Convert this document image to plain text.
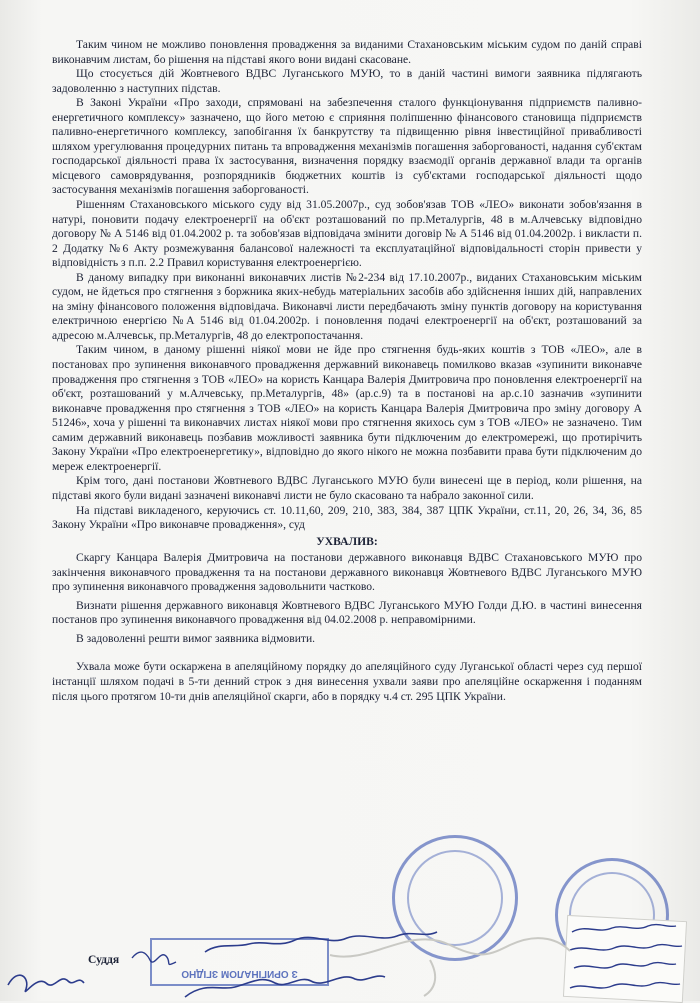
Таким чином не можливо поновлення провадження за виданими Стахановським міським судом по даній справі виконавчим листам, бо рішення на підставі якого вони видані скасоване.

Що стосується дій Жовтневого ВДВС Луганського МУЮ, то в даній частині вимоги заявника підлягають задоволенню з наступних підстав.

В Законі України «Про заходи, спрямовані на забезпечення сталого функціонування підприємств паливно-енергетичного комплексу» зазначено, що його метою є сприяння поліпшенню фінансового становища підприємств паливно-енергетичного комплексу, запобігання їх банкрутству та підвищенню рівня інвестиційної привабливості шляхом урегулювання процедурних питань та впровадження механізмів погашення заборгованості, надання суб'єктам господарської діяльності права їх застосування, визначення порядку взаємодії органів державної влади та органів місцевого самоврядування, розпорядників бюджетних коштів із суб'єктами господарської діяльності щодо застосування механізмів погашення заборгованості.

Рішенням Стахановського міського суду від 31.05.2007р., суд зобов'язав ТОВ «ЛЕО» виконати зобов'язання в натурі, поновити подачу електроенергії на об'єкт розташований по пр.Металургів, 48 в м.Алчевську відповідно договору № А 5146 від 01.04.2002 р. та зобов'язав відповідача змінити договір № А 5146 від 01.04.2002р. і викласти п. 2 Додатку №6 Акту розмежування балансової належності та експлуатаційної відповідальності сторін привести у відповідність з п.п. 2.2 Правил користування електроенергією.

В даному випадку при виконанні виконавчих листів №2-234 від 17.10.2007р., виданих Стахановським міським судом, не йдеться про стягнення з боржника яких-небудь матеріальних засобів або здійснення інших дій, направлених на зміну фінансового положення відповідача. Виконавчі листи передбачають зміну пунктів договору на користування електричною енергією №А 5146 від 01.04.2002р. і поновлення подачі електроенергії на об'єкт, розташований за адресою м.Алчевськ, пр.Металургів, 48 до електропостачання.

Таким чином, в даному рішенні ніякої мови не йде про стягнення будь-яких коштів з ТОВ «ЛЕО», але в постановах про зупинення виконавчого провадження державний виконавець помилково вказав «зупинити виконавче провадження про стягнення з ТОВ «ЛЕО» на користь Канцара Валерія Дмитровича про поновлення електроенергії на об'єкт, розташований у м.Алчевську, пр.Металургів, 48» (ар.с.9) та в постанові на ар.с.10 зазначив «зупинити виконавче провадження про стягнення з ТОВ «ЛЕО» на користь Канцара Валерія Дмитровича про зміну договору А 51246», хоча у рішенні та виконавчих листах ніякої мови про стягнення якихось сум з ТОВ «ЛЕО» не зазначено. Тим самим державний виконавець позбавив можливості заявника бути підключеним до електромережі, що протирічить Закону України «Про електроенергетику», відповідно до якого нікого не можна позбавити права бути підключеним до мереж електроенергії.

Крім того, дані постанови Жовтневого ВДВС Луганського МУЮ були винесені ще в період, коли рішення, на підставі якого були видані зазначені виконавчі листи не було скасовано та набрало законної сили.

На підставі викладеного, керуючись ст. 10.11,60, 209, 210, 383, 384, 387 ЦПК України, ст.11, 20, 26, 34, 36, 85 Закону України «Про виконавче провадження», суд

УХВАЛИВ:

Скаргу Канцара Валерія Дмитровича на постанови державного виконавця ВДВС Стахановського МУЮ про закінчення виконавчого провадження та на постанови державного виконавця Жовтневого ВДВС Луганського МУЮ про зупинення виконавчого провадження задовольнити частково.

Визнати рішення державного виконавця Жовтневого ВДВС Луганського МУЮ Голди Д.Ю. в частині винесення постанов про зупинення виконавчого провадження від 04.02.2008 р. неправомірними.

В задоволенні решти вимог заявника відмовити.

Ухвала може бути оскаржена в апеляційному порядку до апеляційного суду Луганської області через суд першої інстанції шляхом подачі в 5-ти денний строк з дня винесення ухвали заяви про апеляційне оскарження і поданням після цього протягом 10-ти днів апеляційної скарги, або в порядку ч.4 ст. 295 ЦПК України.

Суддя
З ОРИГІНАЛОМ ЗГІДНО
